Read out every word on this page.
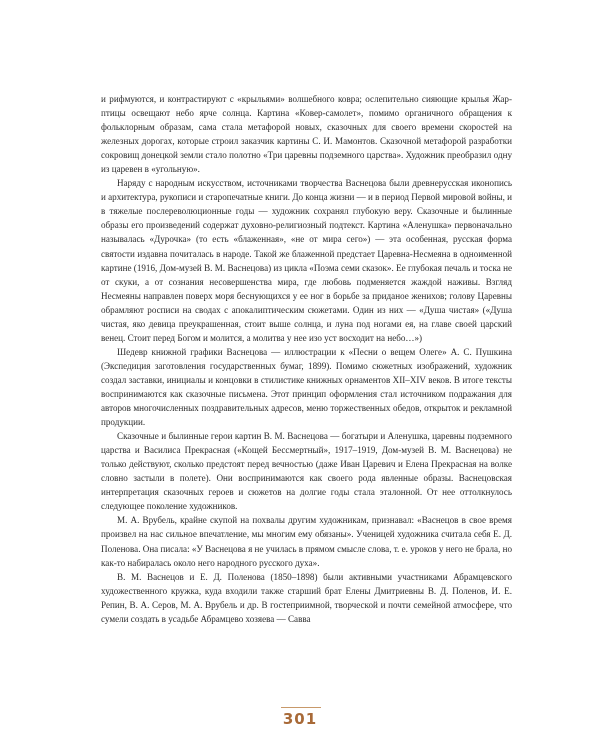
и рифмуются, и контрастируют с «крыльями» волшебного ковра; ослепительно сияющие крылья Жар-птицы освещают небо ярче солнца. Картина «Ковер-самолет», помимо органичного обращения к фольклорным образам, сама стала метафорой новых, сказочных для своего времени скоростей на железных дорогах, которые строил заказчик картины С. И. Мамонтов. Сказочной метафорой разработки сокровищ донецкой земли стало полотно «Три царевны подземного царства». Художник преобразил одну из царевен в «угольную».

Наряду с народным искусством, источниками творчества Васнецова были древнерусская иконопись и архитектура, рукописи и старопечатные книги. До конца жизни — и в период Первой мировой войны, и в тяжелые послереволюционные годы — художник сохранял глубокую веру. Сказочные и былинные образы его произведений содержат духовно-религиозный подтекст. Картина «Аленушка» первоначально называлась «Дурочка» (то есть «блаженная», «не от мира сего») — эта особенная, русская форма святости издавна почиталась в народе. Такой же блаженной предстает Царевна-Несмеяна в одноименной картине (1916, Дом-музей В. М. Васнецова) из цикла «Поэма семи сказок». Ее глубокая печаль и тоска не от скуки, а от сознания несовершенства мира, где любовь подменяется жаждой наживы. Взгляд Несмеяны направлен поверх моря беснующихся у ее ног в борьбе за приданое женихов; голову Царевны обрамляют росписи на сводах с апокалиптическим сюжетами. Один из них — «Душа чистая» («Душа чистая, яко девица преукрашенная, стоит выше солнца, и луна под ногами ея, на главе своей царский венец. Стоит перед Богом и молится, а молитва у нее изо уст восходит на небо…»)

Шедевр книжной графики Васнецова — иллюстрации к «Песни о вещем Олеге» А. С. Пушкина (Экспедиция заготовления государственных бумаг, 1899). Помимо сюжетных изображений, художник создал заставки, инициалы и концовки в стилистике книжных орнаментов XII–XIV веков. В итоге тексты воспринимаются как сказочные письмена. Этот принцип оформления стал источником подражания для авторов многочисленных поздравительных адресов, меню торжественных обедов, открыток и рекламной продукции.

Сказочные и былинные герои картин В. М. Васнецова — богатыри и Аленушка, царевны подземного царства и Василиса Прекрасная («Кощей Бессмертный», 1917–1919, Дом-музей В. М. Васнецова) не только действуют, сколько предстоят перед вечностью (даже Иван Царевич и Елена Прекрасная на волке словно застыли в полете). Они воспринимаются как своего рода явленные образы. Васнецовская интерпретация сказочных героев и сюжетов на долгие годы стала эталонной. От нее оттолкнулось следующее поколение художников.

М. А. Врубель, крайне скупой на похвалы другим художникам, признавал: «Васнецов в свое время произвел на нас сильное впечатление, мы многим ему обязаны». Ученицей художника считала себя Е. Д. Поленова. Она писала: «У Васнецова я не училась в прямом смысле слова, т. е. уроков у него не брала, но как-то набиралась около него народного русского духа».

В. М. Васнецов и Е. Д. Поленова (1850–1898) были активными участниками Абрамцевского художественного кружка, куда входили также старший брат Елены Дмитриевны В. Д. Поленов, И. Е. Репин, В. А. Серов, М. А. Врубель и др. В гостеприимной, творческой и почти семейной атмосфере, что сумели создать в усадьбе Абрамцево хозяева — Савва

301
